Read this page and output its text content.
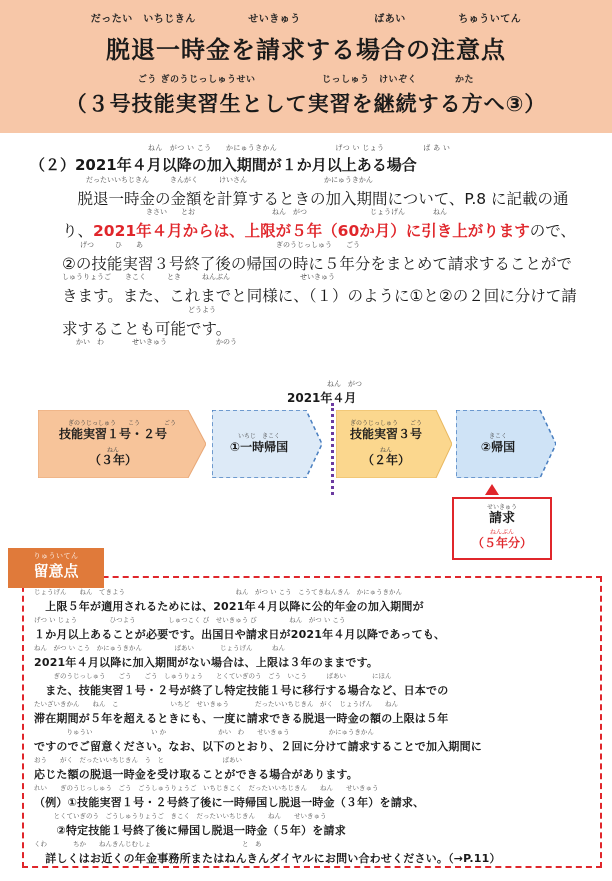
だったい　いちじきん　　　　　せいきゅう　　　　　　　ばあい　　　　　ちゅういてん
脱退一時金を請求する場合の注意点
ごう ぎのうじっしゅうせい　　　　　　　じっしゅう　けいぞく　　　　かた
（３号技能実習生として実習を継続する方へ③）
ねん　がつ い こう　　かにゅうきかん　　　　　　　　げつ い じょう　　　　　 ば あ い
（２）2021年４月以降の加入期間が１か月以上ある場合
だったいいちじきん　　　きんがく　　　けいさん　　　　　　　　　　　かにゅうきかん
きさい　　とお　　　　　　　　　　　ねん　がつ　　　　　　　　　じょうげん　　　　ねん
げつ　　　ひ　　あ　　　　　　　　　　　　　　　　　　　ぎのうじっしゅう　　ごう
しゅうりょうご　　きこく　　　とき　　　ねんぶん　　　　　　　　　　せいきゅう
　　　　　　　　　　　　　　　　　　どうよう
　　かい　わ　　　　せいきゅう　　　　　　　かのう
　脱退一時金の金額を計算するときの加入期間について、P.8 に記載の通り、2021年４月からは、上限が５年（60か月）に引き上がりますので、②の技能実習３号終了後の帰国の時に５年分をまとめて請求することができます。また、これまでと同様に、（１）のように①と②の２回に分けて請求することも可能です。
ねん　がつ
2021年４月
ぎのうじっしゅう　　こう　　　　ごう
技能実習１号・２号
ねん
（３年）
いちじ　きこく
①一時帰国
ぎのうじっしゅう　　ごう
技能実習３号
ねん
（２年）
きこく
②帰国
せいきゅう
請求
ねんぶん
（５年分）
じょうげん　　ねん　てきよう　　　　　　　　　　　　　　　　　ねん　がつ い こう　こうてきねんきん　かにゅうきかん
　上限５年が適用されるためには、2021年４月以降に公的年金の加入期間が
げつ い じょう　　　　　ひつよう　　　　　しゅつこく び　せいきゅう び　　　　　ねん　がつ い こう
１か月以上あることが必要です。出国日や請求日が2021年４月以降であっても、
ねん　がつ い こう　かにゅうきかん　　　　　ばあい　　　　じょうげん　　　ねん
2021年４月以降に加入期間がない場合は、上限は３年のままです。
　　　ぎのうじっしゅう　　ごう　　ごう　しゅうりょう　　とくていぎのう　ごう　いこう　　　ばあい　　　　にほん
　また、技能実習１号・２号が終了し特定技能１号に移行する場合など、日本での
たいざいきかん　　ねん　こ　　　　　　　　いちど　せいきゅう　　　　だったいいちじきん　がく　じょうげん　　ねん
滞在期間が５年を超えるときにも、一度に請求できる脱退一時金の額の上限は５年
　　　　　りゅうい　　　　　　　　　い か　　　　　　　　かい　わ　　せいきゅう　　　　　　かにゅうきかん
ですのでご留意ください。なお、以下のとおり、２回に分けて請求することで加入期間に
おう　　がく　だったいいちじきん　う　と　　　　　　　　　ばあい
応じた額の脱退一時金を受け取ることができる場合があります。
れい　　ぎのうじっしゅう　ごう　ごうしゅうりょうご　いちじきこく　だったいいちじきん　　ねん　　せいきゅう
（例）①技能実習１号・２号終了後に一時帰国し脱退一時金（３年）を請求、
　　　とくていぎのう　ごうしゅうりょうご　きこく　だったいいちじきん　　ねん　　せいきゅう
　　②特定技能１号終了後に帰国し脱退一時金（５年）を請求
くわ　　　　ちか　　ねんきんじむしょ　　　　　　　　　　　　　　と　あ
　詳しくはお近くの年金事務所またはねんきんダイヤルにお問い合わせください。（→P.11）
りゅういてん
留意点
